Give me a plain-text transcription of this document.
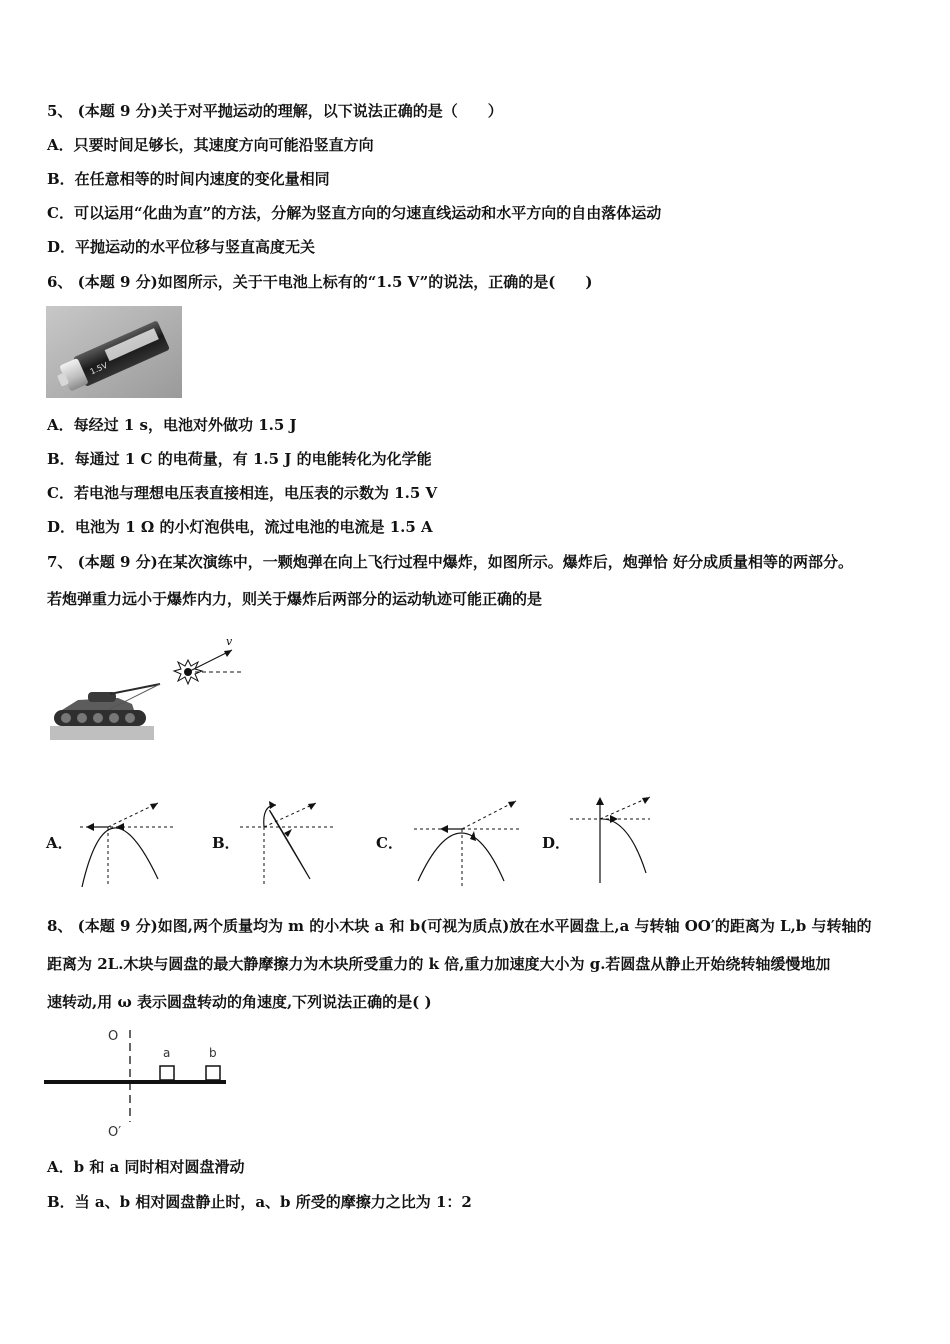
5、 (本题 9 分)关于对平抛运动的理解，以下说法正确的是（　　）
A．只要时间足够长，其速度方向可能沿竖直方向
B．在任意相等的时间内速度的变化量相同
C．可以运用“化曲为直”的方法，分解为竖直方向的匀速直线运动和水平方向的自由落体运动
D．平抛运动的水平位移与竖直高度无关
6、 (本题 9 分)如图所示，关于干电池上标有的“1.5 V”的说法，正确的是(　　)
1.5V
A．每经过 1 s，电池对外做功 1.5 J
B．每通过 1 C 的电荷量，有 1.5 J 的电能转化为化学能
C．若电池与理想电压表直接相连，电压表的示数为 1.5 V
D．电池为 1 Ω 的小灯泡供电，流过电池的电流是 1.5 A
7、 (本题 9 分)在某次演练中，一颗炮弹在向上飞行过程中爆炸，如图所示。爆炸后，炮弹恰 好分成质量相等的两部分。
若炮弹重力远小于爆炸内力，则关于爆炸后两部分的运动轨迹可能正确的是
v
A．	B．	C．	D．
8、 (本题 9 分)如图,两个质量均为 m 的小木块 a 和 b(可视为质点)放在水平圆盘上,a 与转轴 OO′的距离为 L,b 与转轴的
距离为 2L.木块与圆盘的最大静摩擦力为木块所受重力的 k 倍,重力加速度大小为 g.若圆盘从静止开始绕转轴缓慢地加
速转动,用 ω 表示圆盘转动的角速度,下列说法正确的是( )
O
O′
a	b
A．b 和 a 同时相对圆盘滑动
B．当 a、b 相对圆盘静止时，a、b 所受的摩擦力之比为 1：2
